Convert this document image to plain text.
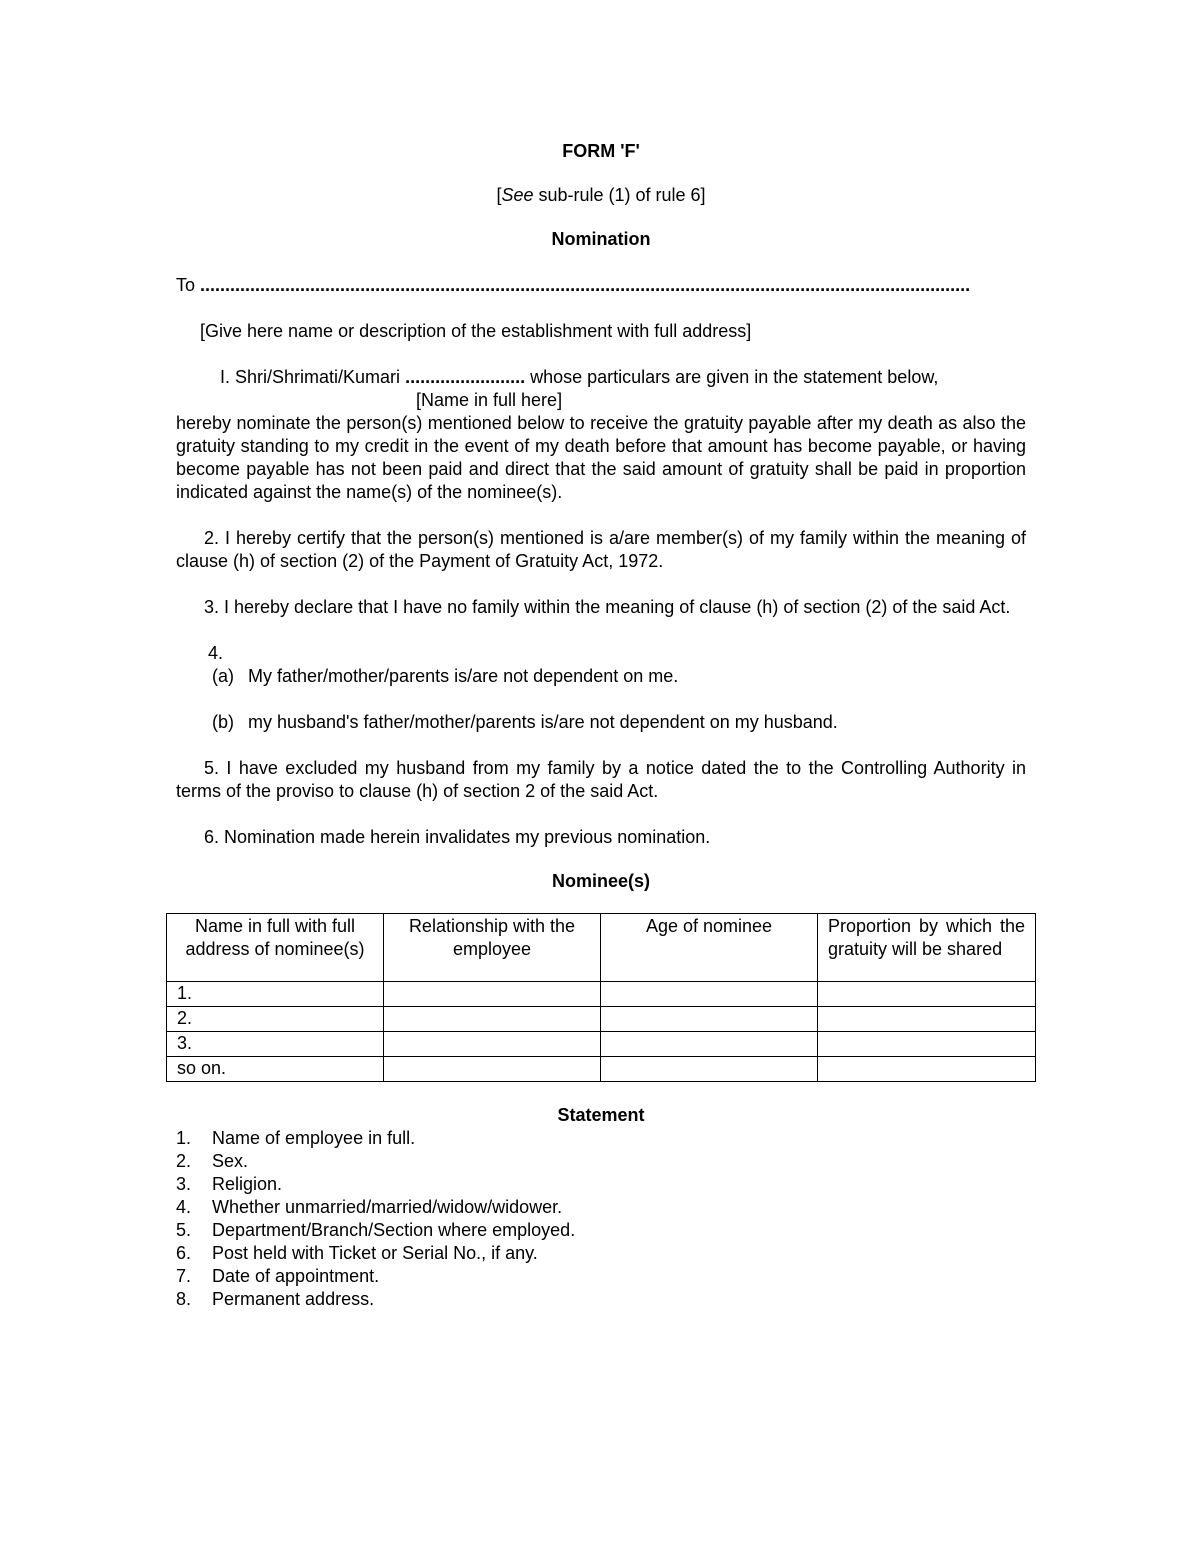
FORM 'F'

[See sub-rule (1) of rule 6]

Nomination

To ..........................................................................................................................................................

[Give here name or description of the establishment with full address]

I. Shri/Shrimati/Kumari ........................ whose particulars are given in the statement below,

[Name in full here]

hereby nominate the person(s) mentioned below to receive the gratuity payable after my death as also the gratuity standing to my credit in the event of my death before that amount has become payable, or having become payable has not been paid and direct that the said amount of gratuity shall be paid in proportion indicated against the name(s) of the nominee(s).

2. I hereby certify that the person(s) mentioned is a/are member(s) of my family within the meaning of clause (h) of section (2) of the Payment of Gratuity Act, 1972.

3. I hereby declare that I have no family within the meaning of clause (h) of section (2) of the said Act.

4.

(a) My father/mother/parents is/are not dependent on me.
(b) my husband's father/mother/parents is/are not dependent on my husband.

5. I have excluded my husband from my family by a notice dated the to the Controlling Authority in terms of the proviso to clause (h) of section 2 of the said Act.

6. Nomination made herein invalidates my previous nomination.

Nominee(s)

Name in full with full address of nominee(s)	Relationship with the employee	Age of nominee	Proportion by which the gratuity will be shared
1.			
2.			
3.			
so on.			

Statement

1.	Name of employee in full.
2.	Sex.
3.	Religion.
4.	Whether unmarried/married/widow/widower.
5.	Department/Branch/Section where employed.
6.	Post held with Ticket or Serial No., if any.
7.	Date of appointment.
8.	Permanent address.
